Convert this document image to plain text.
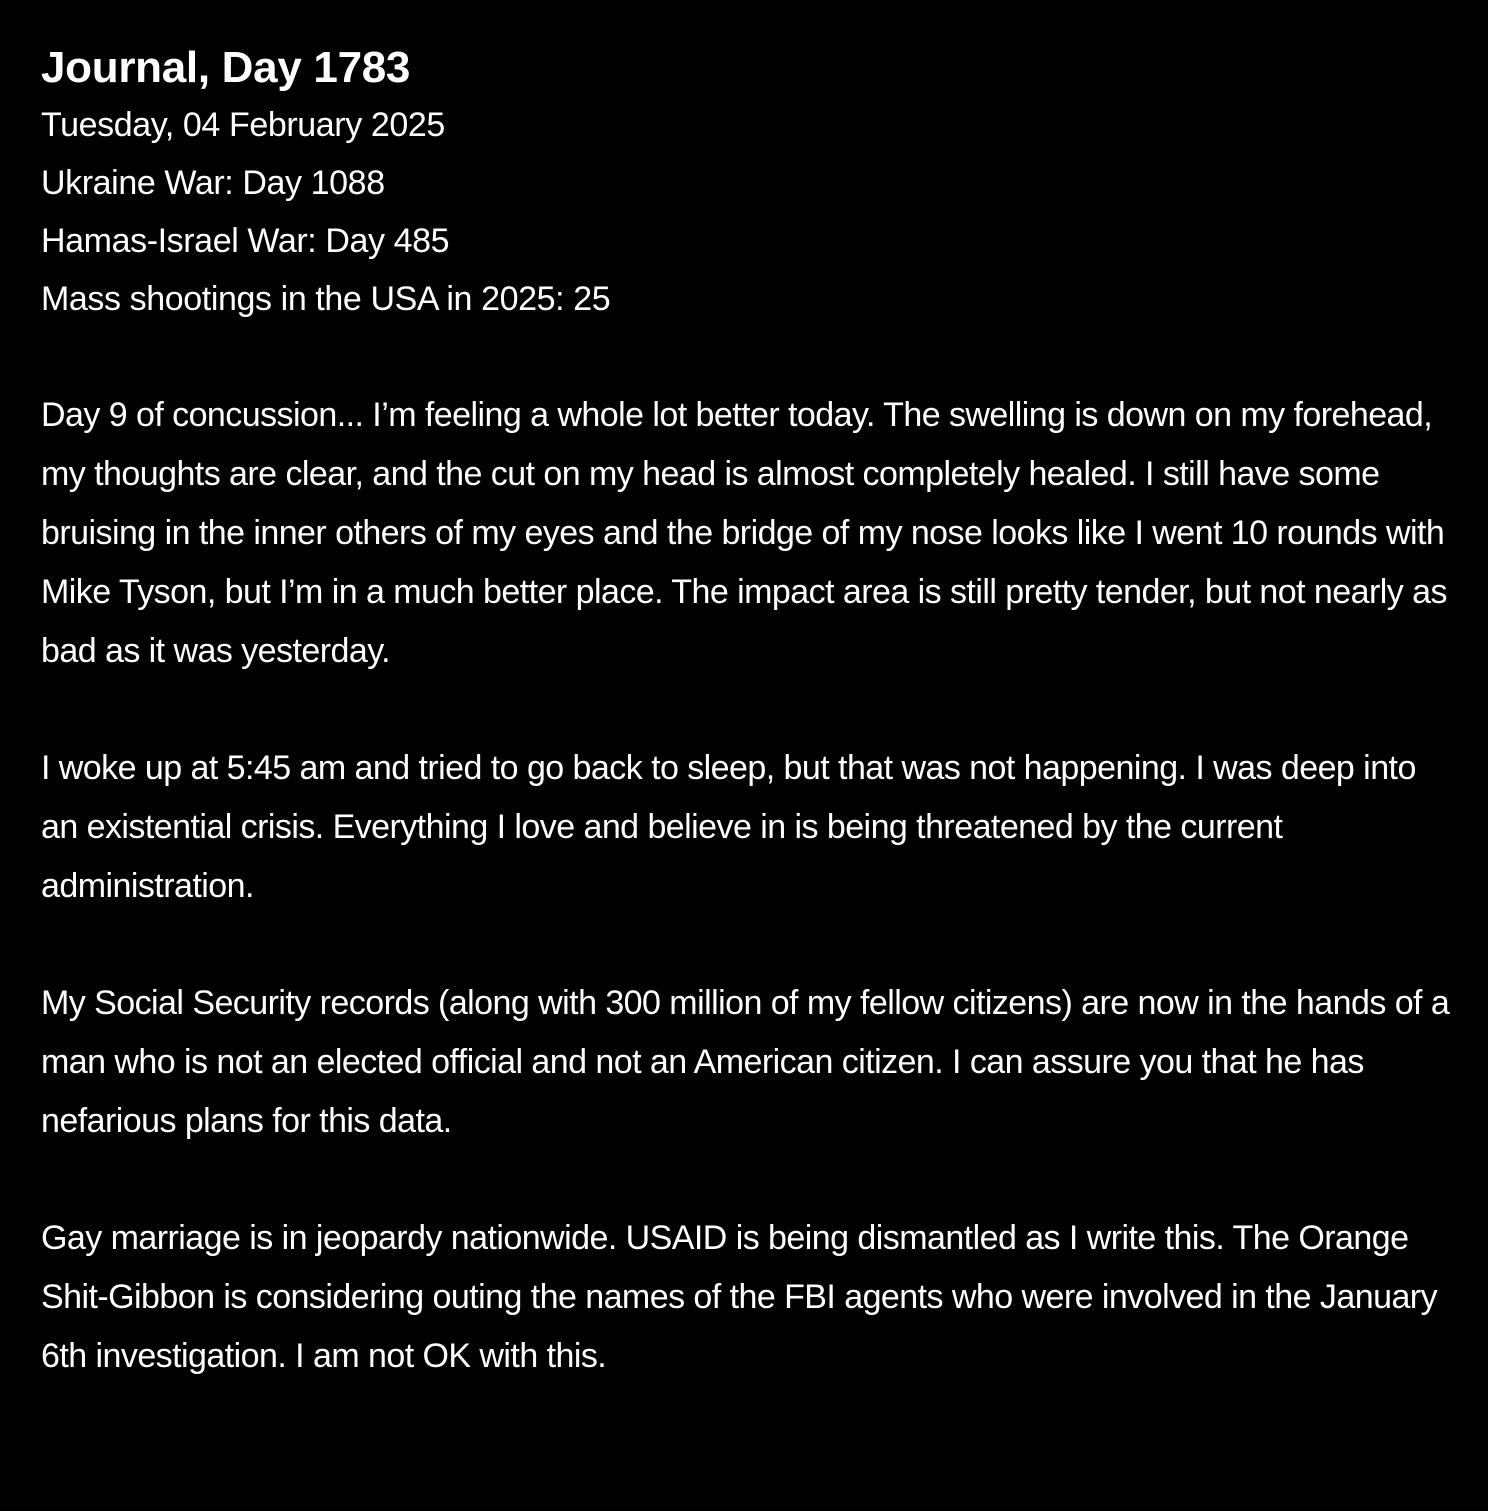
Journal, Day 1783

Tuesday, 04 February 2025

Ukraine War: Day 1088

Hamas-Israel War: Day 485

Mass shootings in the USA in 2025: 25

Day 9 of concussion... I’m feeling a whole lot better today. The swelling is down on my forehead, my thoughts are clear, and the cut on my head is almost completely healed. I still have some bruising in the inner others of my eyes and the bridge of my nose looks like I went 10 rounds with Mike Tyson, but I’m in a much better place. The impact area is still pretty tender, but not nearly as bad as it was yesterday.

I woke up at 5:45 am and tried to go back to sleep, but that was not happening. I was deep into an existential crisis. Everything I love and believe in is being threatened by the current administration.

My Social Security records (along with 300 million of my fellow citizens) are now in the hands of a man who is not an elected official and not an American citizen. I can assure you that he has nefarious plans for this data.

Gay marriage is in jeopardy nationwide. USAID is being dismantled as I write this. The Orange Shit-Gibbon is considering outing the names of the FBI agents who were involved in the January 6th investigation. I am not OK with this.
